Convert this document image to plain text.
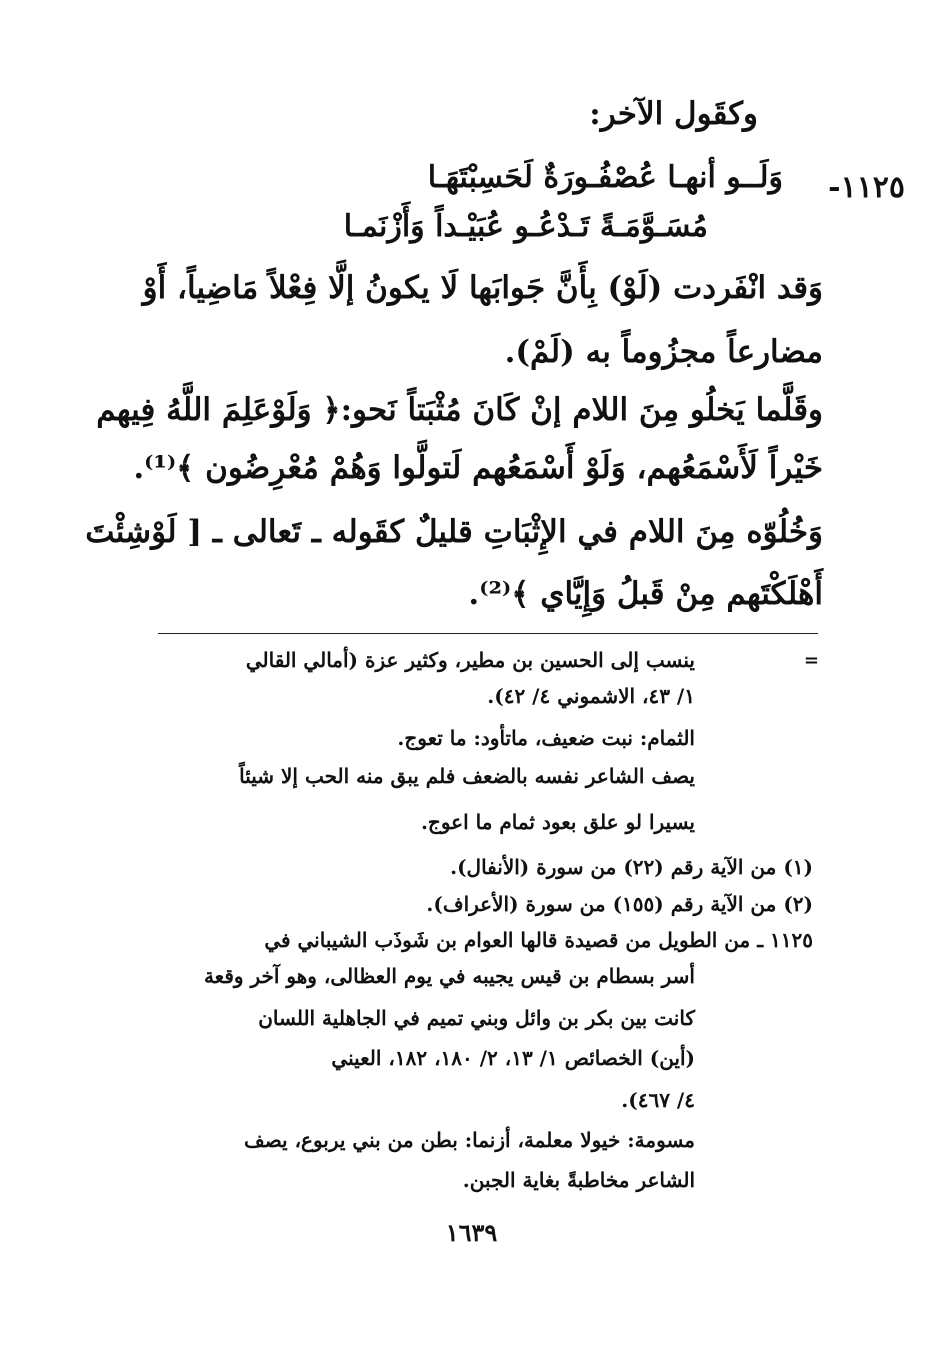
وكقَول الآخر:
١١٢٥-
وَلَــو أنهـا عُصْفُـورَةٌ لَحَسِبْتَهَـا
مُسَـوَّمَـةً تَـدْعُـو عُبَيْـداً وَأَزْنَمـا
وَقد انْفَردت (لَوْ) بِأَنَّ جَوابَها لَا يكونُ إلَّا فِعْلاً مَاضِياً، أَوْ
مضارعاً مجزُوماً به (لَمْ).
وقَلَّما يَخلُو مِنَ اللام إنْ كَانَ مُثْبَتاً نَحو:﴿ وَلَوْعَلِمَ اللَّهُ فِيهم
خَيْراً لَأَسْمَعُهم، وَلَوْ أَسْمَعُهم لَتولَّوا وَهُمْ مُعْرِضُون ﴾⁽¹⁾.
وَخُلُوّه مِنَ اللام في الإِثْبَاتِ قليلٌ كقَوله ـ تَعالى ـ [ لَوْشِئْتَ
أَهْلَكْتَهم مِنْ قَبلُ وَإِيَّاي ﴾⁽²⁾.
=
ينسب إلى الحسين بن مطير، وكثير عزة (أمالي القالي
١/ ٤٣، الاشموني ٤/ ٤٢).
الثمام: نبت ضعيف، ماتأود: ما تعوج.
يصف الشاعر نفسه بالضعف فلم يبق منه الحب إلا شيئاً
يسيرا لو علق بعود ثمام ما اعوج.
(١) من الآية رقم (٢٢) من سورة (الأنفال).
(٢) من الآية رقم (١٥٥) من سورة (الأعراف).
١١٢٥ ـ من الطويل من قصيدة قالها العوام بن شَوذَب الشيباني في
أسر بسطام بن قيس يجيبه في يوم العظالى، وهو آخر وقعة
كانت بين بكر بن وائل وبني تميم في الجاهلية اللسان
(أين) الخصائص ١/ ١٣، ٢/ ١٨٠، ١٨٢، العيني
٤/ ٤٦٧).
مسومة: خيولا معلمة، أزنما: بطن من بني يربوع، يصف
الشاعر مخاطبةً بغاية الجبن.
١٦٣٩
